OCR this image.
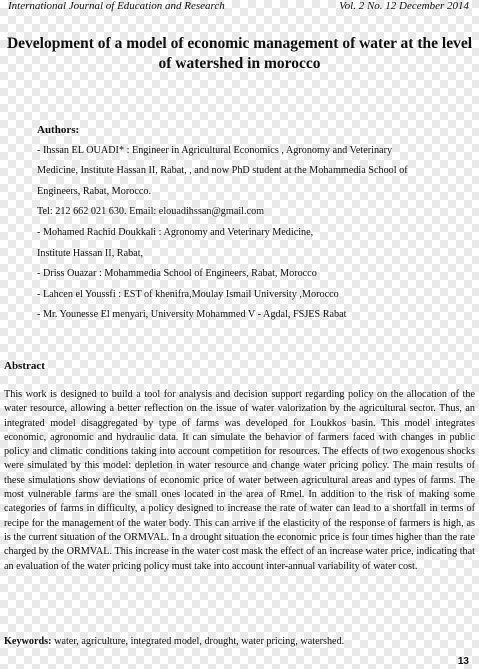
International Journal of Education and Research	Vol. 2 No. 12 December 2014
Development of a model of economic management of water at the level of watershed in morocco
Authors:
- Ihssan EL OUADI* : Engineer in Agricultural Economics , Agronomy and Veterinary
Medicine, Institute Hassan II, Rabat, , and now PhD student at the Mohammedia School of
Engineers, Rabat, Morocco.
Tel: 212 662 021 630. Email: elouadihssan@gmail.com
- Mohamed Rachid Doukkali : Agronomy and Veterinary Medicine,
Institute Hassan II, Rabat,
- Driss Ouazar : Mohammedia School of Engineers, Rabat, Morocco
- Lahcen el Youssfi : EST of khenifra,Moulay Ismail University ,Morocco
- Mr. Younesse El menyari, University Mohammed V - Agdal, FSJES Rabat
Abstract

This work is designed to build a tool for analysis and decision support regarding policy on the allocation of the water resource, allowing a better reflection on the issue of water valorization by the agricultural sector. Thus, an integrated model disaggregated by type of farms was developed for Loukkos basin. This model integrates economic, agronomic and hydraulic data. It can simulate the behavior of farmers faced with changes in public policy and climatic conditions taking into account competition for resources. The effects of two exogenous shocks were simulated by this model: depletion in water resource and change water pricing policy. The main results of these simulations show deviations of economic price of water between agricultural areas and types of farms. The most vulnerable farms are the small ones located in the area of Rmel. In addition to the risk of making some categories of farms in difficulty, a policy designed to increase the rate of water can lead to a shortfall in terms of recipe for the management of the water body. This can arrive if the elasticity of the response of farmers is high, as is the current situation of the ORMVAL. In a drought situation the economic price is four times higher than the rate charged by the ORMVAL. This increase in the water cost mask the effect of an increase water price, indicating that an evaluation of the water pricing policy must take into account inter-annual variability of water cost.

Keywords: water, agriculture, integrated model, drought, water pricing, watershed.
13
